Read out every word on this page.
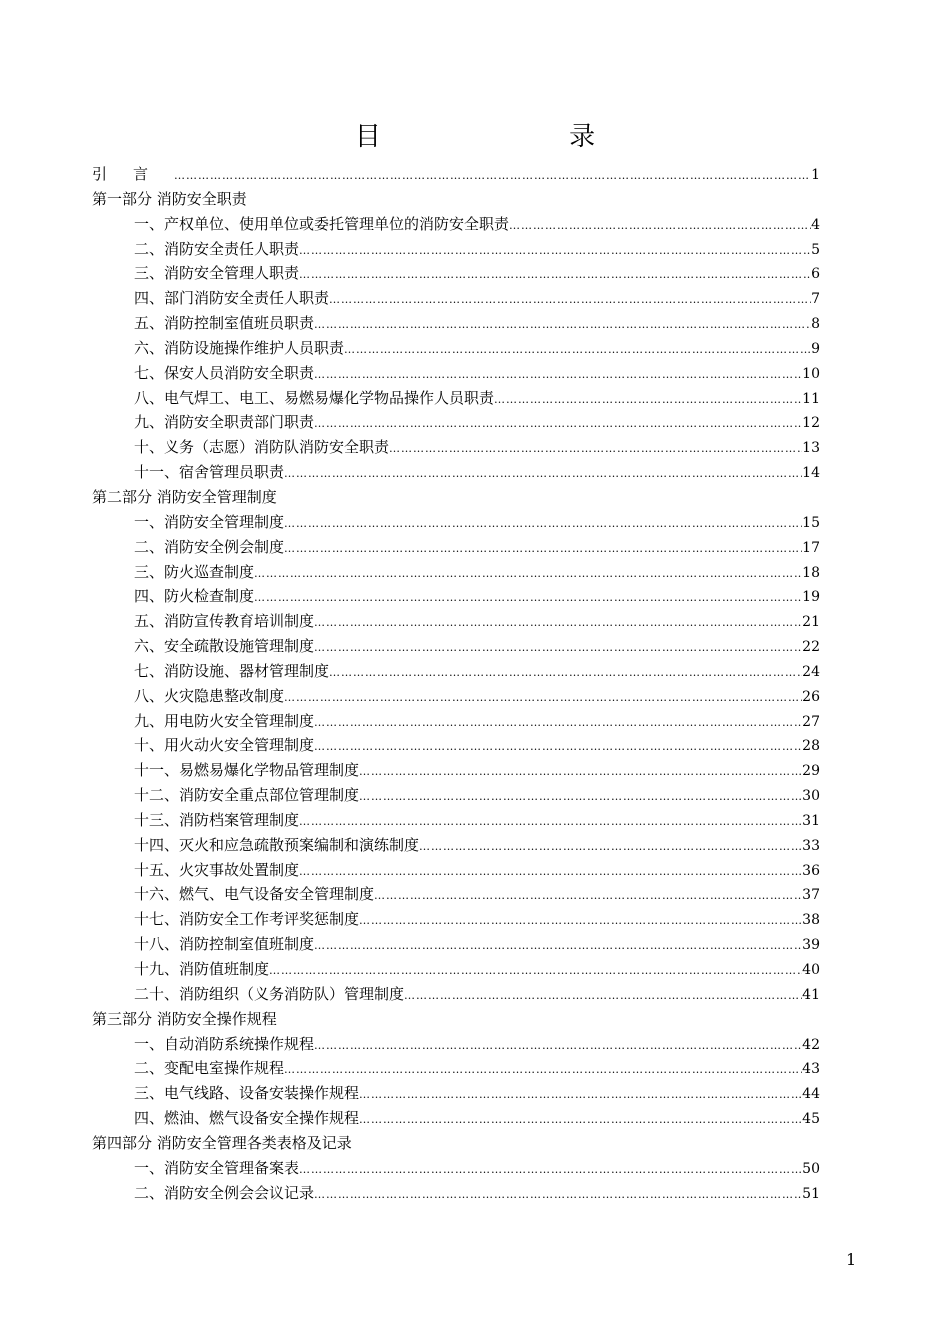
目 录
引言 ……………………………………………………………………………………………………………………………………………………………………………………………………………………………………………………………	1
第一部分 消防安全职责
一、产权单位、使用单位或委托管理单位的消防安全职责 ……………………………………………………………………………………………………………………………………………………………………………………………………………………………………………………………	4
二、消防安全责任人职责 ……………………………………………………………………………………………………………………………………………………………………………………………………………………………………………………………	5
三、消防安全管理人职责 ……………………………………………………………………………………………………………………………………………………………………………………………………………………………………………………………	6
四、部门消防安全责任人职责 ……………………………………………………………………………………………………………………………………………………………………………………………………………………………………………………………	7
五、消防控制室值班员职责 ……………………………………………………………………………………………………………………………………………………………………………………………………………………………………………………………	8
六、消防设施操作维护人员职责 ……………………………………………………………………………………………………………………………………………………………………………………………………………………………………………………………	9
七、保安人员消防安全职责 ……………………………………………………………………………………………………………………………………………………………………………………………………………………………………………………………	10
八、电气焊工、电工、易燃易爆化学物品操作人员职责 ……………………………………………………………………………………………………………………………………………………………………………………………………………………………………………………………	11
九、消防安全职责部门职责 ……………………………………………………………………………………………………………………………………………………………………………………………………………………………………………………………	12
十、义务（志愿）消防队消防安全职责 ……………………………………………………………………………………………………………………………………………………………………………………………………………………………………………………………	13
十一、宿舍管理员职责 ……………………………………………………………………………………………………………………………………………………………………………………………………………………………………………………………	14
第二部分 消防安全管理制度
一、消防安全管理制度 ……………………………………………………………………………………………………………………………………………………………………………………………………………………………………………………………	15
二、消防安全例会制度 ……………………………………………………………………………………………………………………………………………………………………………………………………………………………………………………………	17
三、防火巡查制度 ……………………………………………………………………………………………………………………………………………………………………………………………………………………………………………………………	18
四、防火检查制度 ……………………………………………………………………………………………………………………………………………………………………………………………………………………………………………………………	19
五、消防宣传教育培训制度 ……………………………………………………………………………………………………………………………………………………………………………………………………………………………………………………………	21
六、安全疏散设施管理制度 ……………………………………………………………………………………………………………………………………………………………………………………………………………………………………………………………	22
七、消防设施、器材管理制度 ……………………………………………………………………………………………………………………………………………………………………………………………………………………………………………………………	24
八、火灾隐患整改制度 ……………………………………………………………………………………………………………………………………………………………………………………………………………………………………………………………	26
九、用电防火安全管理制度 ……………………………………………………………………………………………………………………………………………………………………………………………………………………………………………………………	27
十、用火动火安全管理制度 ……………………………………………………………………………………………………………………………………………………………………………………………………………………………………………………………	28
十一、易燃易爆化学物品管理制度 ……………………………………………………………………………………………………………………………………………………………………………………………………………………………………………………………	29
十二、消防安全重点部位管理制度 ……………………………………………………………………………………………………………………………………………………………………………………………………………………………………………………………	30
十三、消防档案管理制度 ……………………………………………………………………………………………………………………………………………………………………………………………………………………………………………………………	31
十四、灭火和应急疏散预案编制和演练制度 ……………………………………………………………………………………………………………………………………………………………………………………………………………………………………………………………	33
十五、火灾事故处置制度 ……………………………………………………………………………………………………………………………………………………………………………………………………………………………………………………………	36
十六、燃气、电气设备安全管理制度 ……………………………………………………………………………………………………………………………………………………………………………………………………………………………………………………………	37
十七、消防安全工作考评奖惩制度 ……………………………………………………………………………………………………………………………………………………………………………………………………………………………………………………………	38
十八、消防控制室值班制度 ……………………………………………………………………………………………………………………………………………………………………………………………………………………………………………………………	39
十九、消防值班制度 ……………………………………………………………………………………………………………………………………………………………………………………………………………………………………………………………	40
二十、消防组织（义务消防队）管理制度 ……………………………………………………………………………………………………………………………………………………………………………………………………………………………………………………………	41
第三部分 消防安全操作规程
一、自动消防系统操作规程 ……………………………………………………………………………………………………………………………………………………………………………………………………………………………………………………………	42
二、变配电室操作规程 ……………………………………………………………………………………………………………………………………………………………………………………………………………………………………………………………	43
三、电气线路、设备安装操作规程 ……………………………………………………………………………………………………………………………………………………………………………………………………………………………………………………………	44
四、燃油、燃气设备安全操作规程 ……………………………………………………………………………………………………………………………………………………………………………………………………………………………………………………………	45
第四部分 消防安全管理各类表格及记录
一、消防安全管理备案表 ……………………………………………………………………………………………………………………………………………………………………………………………………………………………………………………………	50
二、消防安全例会会议记录 ……………………………………………………………………………………………………………………………………………………………………………………………………………………………………………………………	51
1
